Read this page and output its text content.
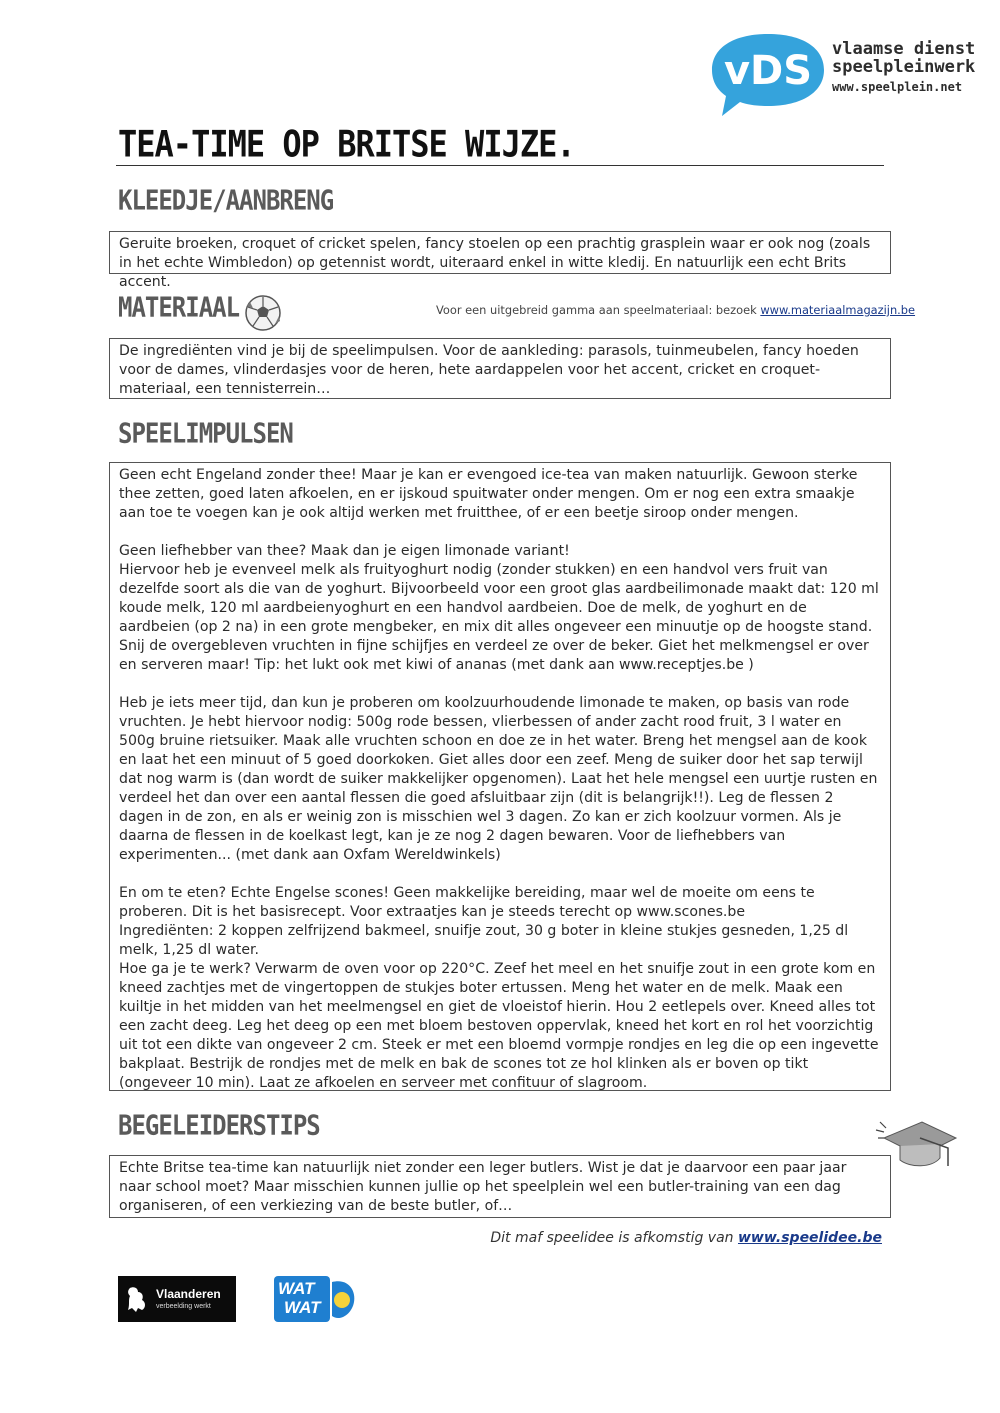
vDS vlaamse dienst
speelpleinwerk
www.speelplein.net
TEA-TIME OP BRITSE WIJZE.
KLEEDJE/AANBRENG

Geruite broeken, croquet of cricket spelen, fancy stoelen op een prachtig grasplein waar er ook nog (zoals in het echte Wimbledon) op getennist wordt, uiteraard enkel in witte kledij. En natuurlijk een echt Brits accent.

MATERIAAL	Voor een uitgebreid gamma aan speelmateriaal: bezoek www.materiaalmagazijn.be

De ingrediënten vind je bij de speelimpulsen. Voor de aankleding: parasols, tuinmeubelen, fancy hoeden voor de dames, vlinderdasjes voor de heren, hete aardappelen voor het accent, cricket en croquet-materiaal, een tennisterrein…

SPEELIMPULSEN

Geen echt Engeland zonder thee! Maar je kan er evengoed ice-tea van maken natuurlijk. Gewoon sterke thee zetten, goed laten afkoelen, en er ijskoud spuitwater onder mengen. Om er nog een extra smaakje aan toe te voegen kan je ook altijd werken met fruitthee, of er een beetje siroop onder mengen.

Geen liefhebber van thee? Maak dan je eigen limonade variant!
Hiervoor heb je evenveel melk als fruityoghurt nodig (zonder stukken) en een handvol vers fruit van dezelfde soort als die van de yoghurt. Bijvoorbeeld voor een groot glas aardbeilimonade maakt dat: 120 ml koude melk, 120 ml aardbeienyoghurt en een handvol aardbeien. Doe de melk, de yoghurt en de aardbeien (op 2 na) in een grote mengbeker, en mix dit alles ongeveer een minuutje op de hoogste stand. Snij de overgebleven vruchten in fijne schijfjes en verdeel ze over de beker. Giet het melkmengsel er over en serveren maar! Tip: het lukt ook met kiwi of ananas (met dank aan www.receptjes.be )

Heb je iets meer tijd, dan kun je proberen om koolzuurhoudende limonade te maken, op basis van rode vruchten. Je hebt hiervoor nodig: 500g rode bessen, vlierbessen of ander zacht rood fruit, 3 l water en 500g bruine rietsuiker. Maak alle vruchten schoon en doe ze in het water. Breng het mengsel aan de kook en laat het een minuut of 5 goed doorkoken. Giet alles door een zeef. Meng de suiker door het sap terwijl dat nog warm is (dan wordt de suiker makkelijker opgenomen). Laat het hele mengsel een uurtje rusten en verdeel het dan over een aantal flessen die goed afsluitbaar zijn (dit is belangrijk!!). Leg de flessen 2 dagen in de zon, en als er weinig zon is misschien wel 3 dagen. Zo kan er zich koolzuur vormen. Als je daarna de flessen in de koelkast legt, kan je ze nog 2 dagen bewaren. Voor de liefhebbers van experimenten... (met dank aan Oxfam Wereldwinkels)

En om te eten? Echte Engelse scones! Geen makkelijke bereiding, maar wel de moeite om eens te proberen. Dit is het basisrecept. Voor extraatjes kan je steeds terecht op www.scones.be
Ingrediënten: 2 koppen zelfrijzend bakmeel, snuifje zout, 30 g boter in kleine stukjes gesneden, 1,25 dl melk, 1,25 dl water.
Hoe ga je te werk? Verwarm de oven voor op 220°C. Zeef het meel en het snuifje zout in een grote kom en kneed zachtjes met de vingertoppen de stukjes boter ertussen. Meng het water en de melk. Maak een kuiltje in het midden van het meelmengsel en giet de vloeistof hierin. Hou 2 eetlepels over. Kneed alles tot een zacht deeg. Leg het deeg op een met bloem bestoven oppervlak, kneed het kort en rol het voorzichtig uit tot een dikte van ongeveer 2 cm. Steek er met een bloemd vormpje rondjes en leg die op een ingevette bakplaat. Bestrijk de rondjes met de melk en bak de scones tot ze hol klinken als er boven op tikt (ongeveer 10 min). Laat ze afkoelen en serveer met confituur of slagroom.

BEGELEIDERSTIPS

Echte Britse tea-time kan natuurlijk niet zonder een leger butlers. Wist je dat je daarvoor een paar jaar naar school moet? Maar misschien kunnen jullie op het speelplein wel een butler-training van een dag organiseren, of een verkiezing van de beste butler, of…

Dit maf speelidee is afkomstig van www.speelidee.be
Vlaanderen
verbeelding werkt
WAT
WAT
